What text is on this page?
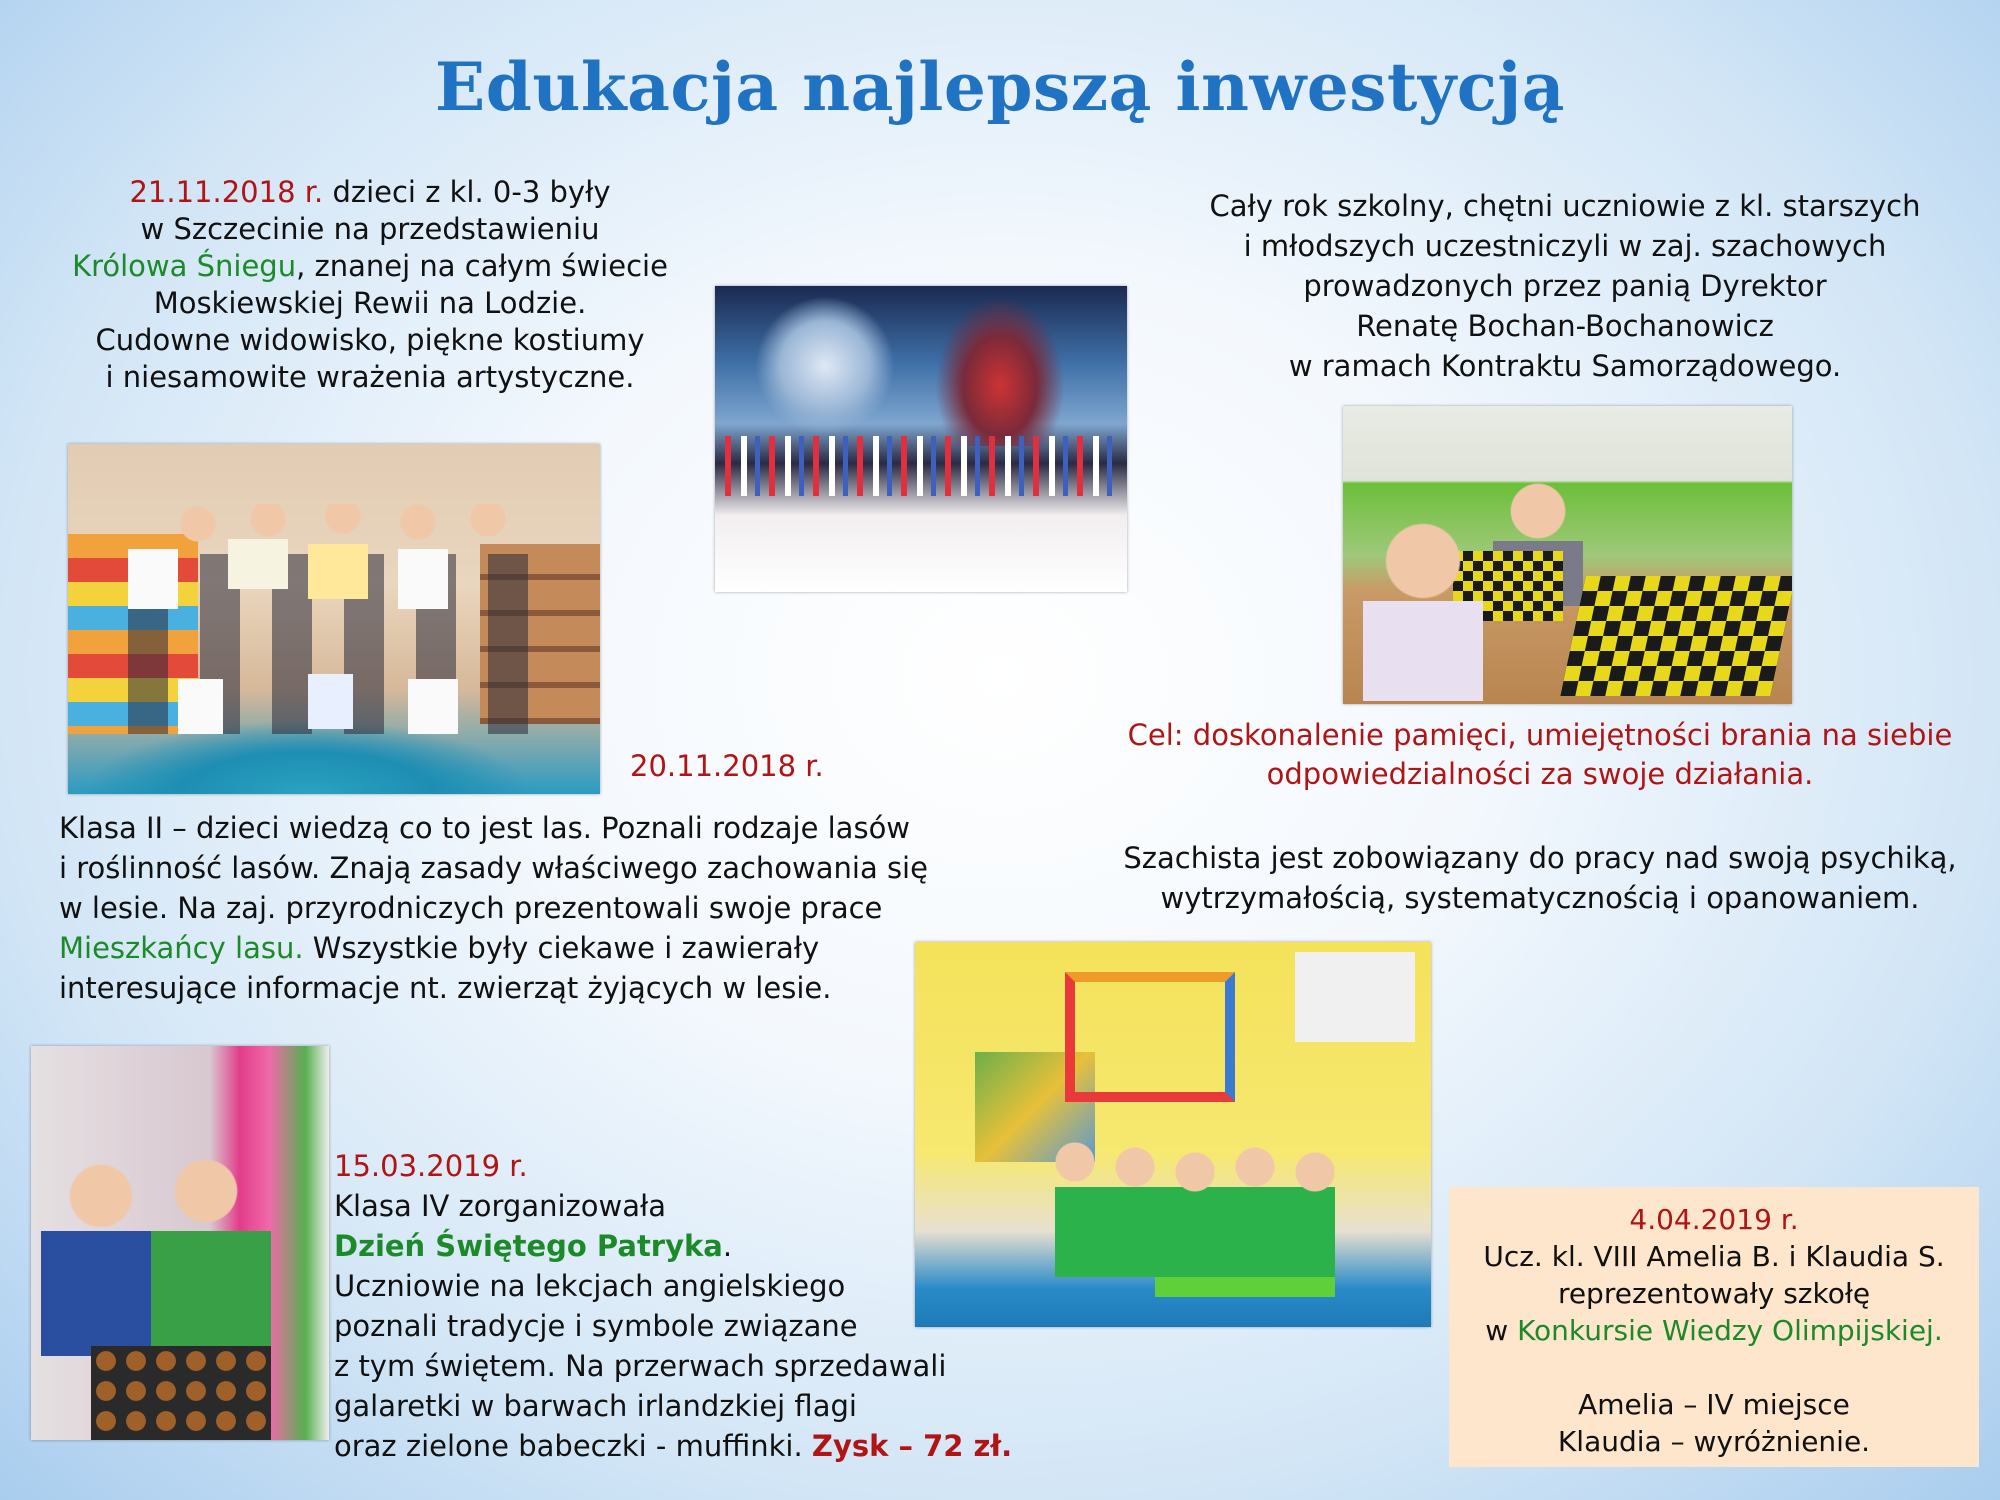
Edukacja najlepszą inwestycją
21.11.2018 r. dzieci z kl. 0-3 były
w Szczecinie na przedstawieniu
Królowa Śniegu, znanej na całym świecie
Moskiewskiej Rewii na Lodzie.
Cudowne widowisko, piękne kostiumy
i niesamowite wrażenia artystyczne.
Cały rok szkolny, chętni uczniowie z kl. starszych
i młodszych uczestniczyli w zaj. szachowych
prowadzonych przez panią Dyrektor
Renatę Bochan-Bochanowicz
w ramach Kontraktu Samorządowego.
20.11.2018 r.
Cel: doskonalenie pamięci, umiejętności brania na siebie
odpowiedzialności za swoje działania.
Szachista jest zobowiązany do pracy nad swoją psychiką,
wytrzymałością, systematycznością i opanowaniem.
Klasa II – dzieci wiedzą co to jest las. Poznali rodzaje lasów
i roślinność lasów. Znają zasady właściwego zachowania się
w lesie. Na zaj. przyrodniczych prezentowali swoje prace
Mieszkańcy lasu. Wszystkie były ciekawe i zawierały
interesujące informacje nt. zwierząt żyjących w lesie.
15.03.2019 r.
Klasa IV zorganizowała
Dzień Świętego Patryka.
Uczniowie na lekcjach angielskiego
poznali tradycje i symbole związane
z tym świętem. Na przerwach sprzedawali
galaretki w barwach irlandzkiej flagi
oraz zielone babeczki - muffinki. Zysk – 72 zł.
4.04.2019 r.
Ucz. kl. VIII Amelia B. i Klaudia S.
reprezentowały szkołę
w Konkursie Wiedzy Olimpijskiej.
Amelia – IV miejsce
Klaudia – wyróżnienie.
